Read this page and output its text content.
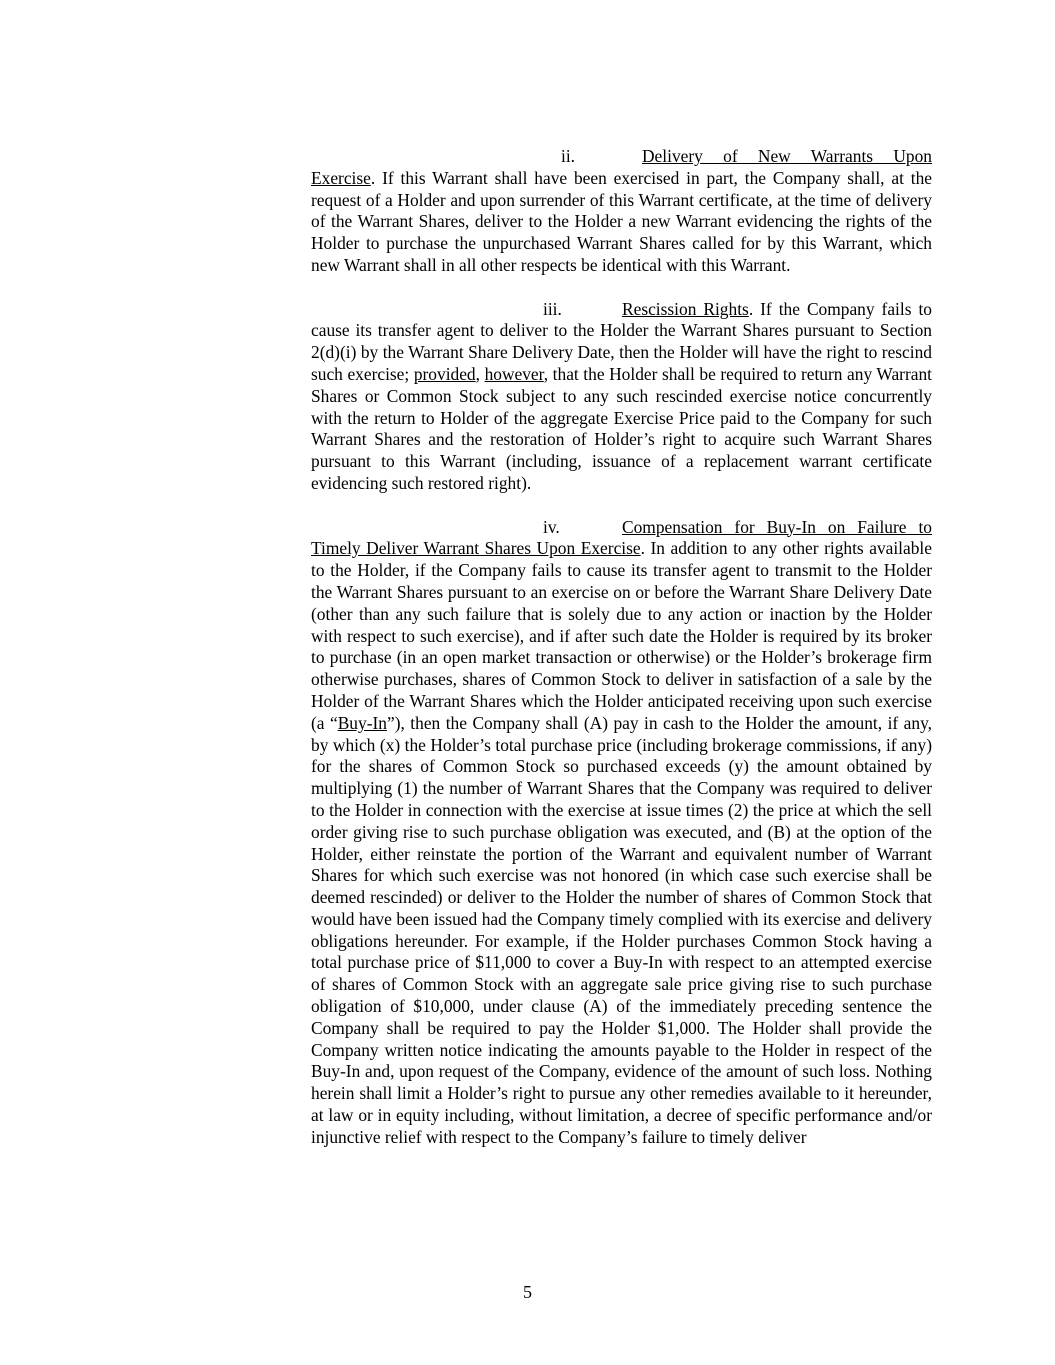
ii.	Delivery of New Warrants Upon
Exercise. If this Warrant shall have been exercised in part, the Company shall, at the request of a Holder and upon surrender of this Warrant certificate, at the time of delivery of the Warrant Shares, deliver to the Holder a new Warrant evidencing the rights of the Holder to purchase the unpurchased Warrant Shares called for by this Warrant, which new Warrant shall in all other respects be identical with this Warrant.
iii.	Rescission Rights. If the Company fails to cause its transfer agent to deliver to the Holder the Warrant Shares pursuant to Section 2(d)(i) by the Warrant Share Delivery Date, then the Holder will have the right to rescind such exercise; provided, however, that the Holder shall be required to return any Warrant Shares or Common Stock subject to any such rescinded exercise notice concurrently with the return to Holder of the aggregate Exercise Price paid to the Company for such Warrant Shares and the restoration of Holder’s right to acquire such Warrant Shares pursuant to this Warrant (including, issuance of a replacement warrant certificate evidencing such restored right).
iv.	Compensation for Buy-In on Failure to
Timely Deliver Warrant Shares Upon Exercise. In addition to any other rights available to the Holder, if the Company fails to cause its transfer agent to transmit to the Holder the Warrant Shares pursuant to an exercise on or before the Warrant Share Delivery Date (other than any such failure that is solely due to any action or inaction by the Holder with respect to such exercise), and if after such date the Holder is required by its broker to purchase (in an open market transaction or otherwise) or the Holder’s brokerage firm otherwise purchases, shares of Common Stock to deliver in satisfaction of a sale by the Holder of the Warrant Shares which the Holder anticipated receiving upon such exercise (a “Buy-In”), then the Company shall (A) pay in cash to the Holder the amount, if any, by which (x) the Holder’s total purchase price (including brokerage commissions, if any) for the shares of Common Stock so purchased exceeds (y) the amount obtained by multiplying (1) the number of Warrant Shares that the Company was required to deliver to the Holder in connection with the exercise at issue times (2) the price at which the sell order giving rise to such purchase obligation was executed, and (B) at the option of the Holder, either reinstate the portion of the Warrant and equivalent number of Warrant Shares for which such exercise was not honored (in which case such exercise shall be deemed rescinded) or deliver to the Holder the number of shares of Common Stock that would have been issued had the Company timely complied with its exercise and delivery obligations hereunder. For example, if the Holder purchases Common Stock having a total purchase price of $11,000 to cover a Buy-In with respect to an attempted exercise of shares of Common Stock with an aggregate sale price giving rise to such purchase obligation of $10,000, under clause (A) of the immediately preceding sentence the Company shall be required to pay the Holder $1,000. The Holder shall provide the Company written notice indicating the amounts payable to the Holder in respect of the Buy-In and, upon request of the Company, evidence of the amount of such loss. Nothing herein shall limit a Holder’s right to pursue any other remedies available to it hereunder, at law or in equity including, without limitation, a decree of specific performance and/or injunctive relief with respect to the Company’s failure to timely deliver
5
